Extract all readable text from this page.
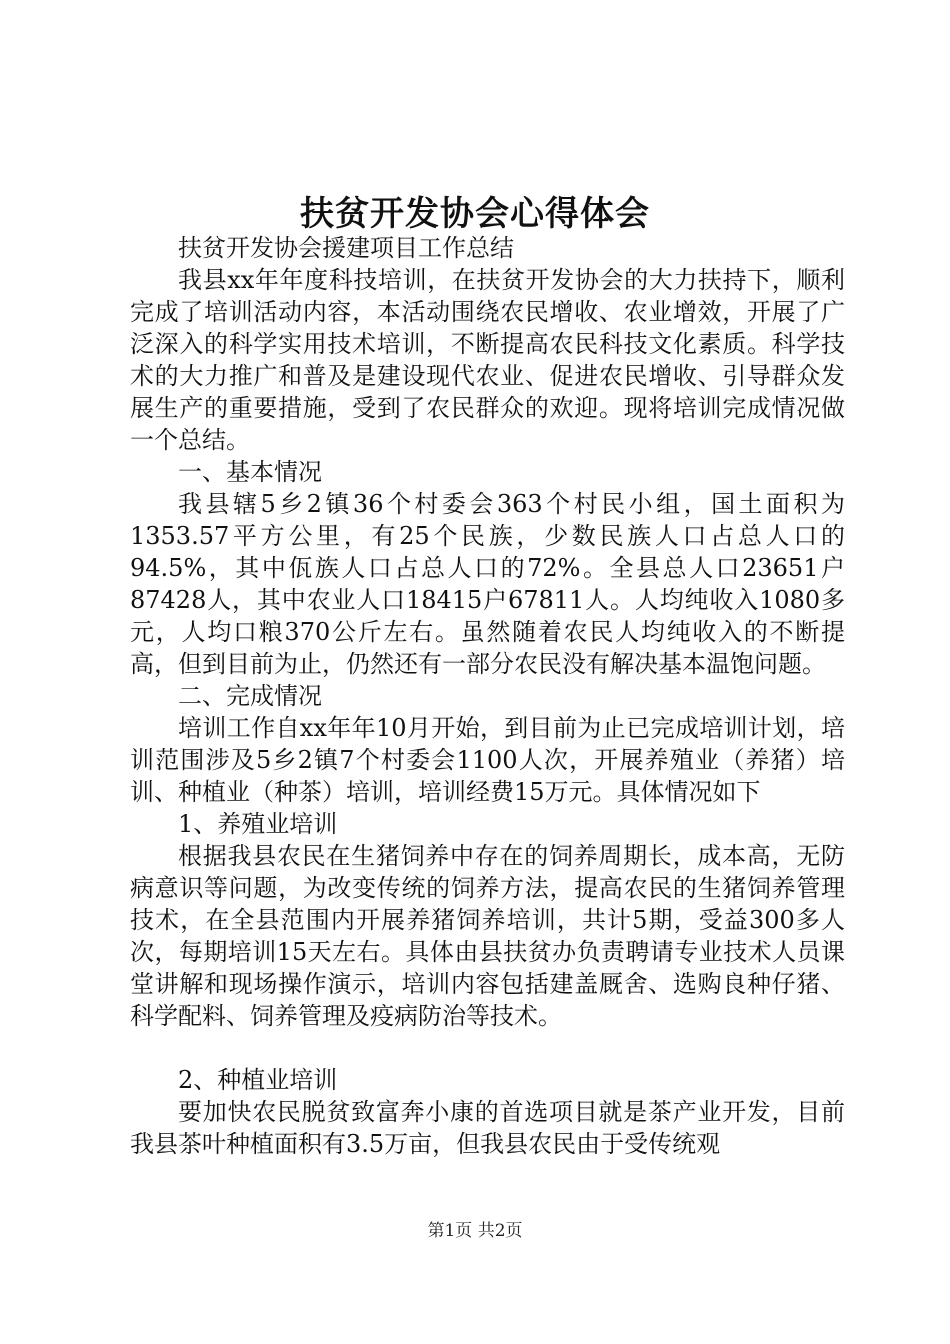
扶贫开发协会心得体会

扶贫开发协会援建项目工作总结

我县xx年年度科技培训，在扶贫开发协会的大力扶持下，顺利完成了培训活动内容，本活动围绕农民增收、农业增效，开展了广泛深入的科学实用技术培训，不断提高农民科技文化素质。科学技术的大力推广和普及是建设现代农业、促进农民增收、引导群众发展生产的重要措施，受到了农民群众的欢迎。现将培训完成情况做一个总结。

一、基本情况

我县辖5乡2镇36个村委会363个村民小组，国土面积为1353.57平方公里，有25个民族，少数民族人口占总人口的94.5%，其中佤族人口占总人口的72%。全县总人口23651户87428人，其中农业人口18415户67811人。人均纯收入1080多元，人均口粮370公斤左右。虽然随着农民人均纯收入的不断提高，但到目前为止，仍然还有一部分农民没有解决基本温饱问题。

二、完成情况

培训工作自xx年年10月开始，到目前为止已完成培训计划，培训范围涉及5乡2镇7个村委会1100人次，开展养殖业（养猪）培训、种植业（种茶）培训，培训经费15万元。具体情况如下

1、养殖业培训

根据我县农民在生猪饲养中存在的饲养周期长，成本高，无防病意识等问题，为改变传统的饲养方法，提高农民的生猪饲养管理技术，在全县范围内开展养猪饲养培训，共计5期，受益300多人次，每期培训15天左右。具体由县扶贫办负责聘请专业技术人员课堂讲解和现场操作演示，培训内容包括建盖厩舍、选购良种仔猪、科学配料、饲养管理及疫病防治等技术。

2、种植业培训

要加快农民脱贫致富奔小康的首选项目就是茶产业开发，目前我县茶叶种植面积有3.5万亩，但我县农民由于受传统观

第1页 共2页
